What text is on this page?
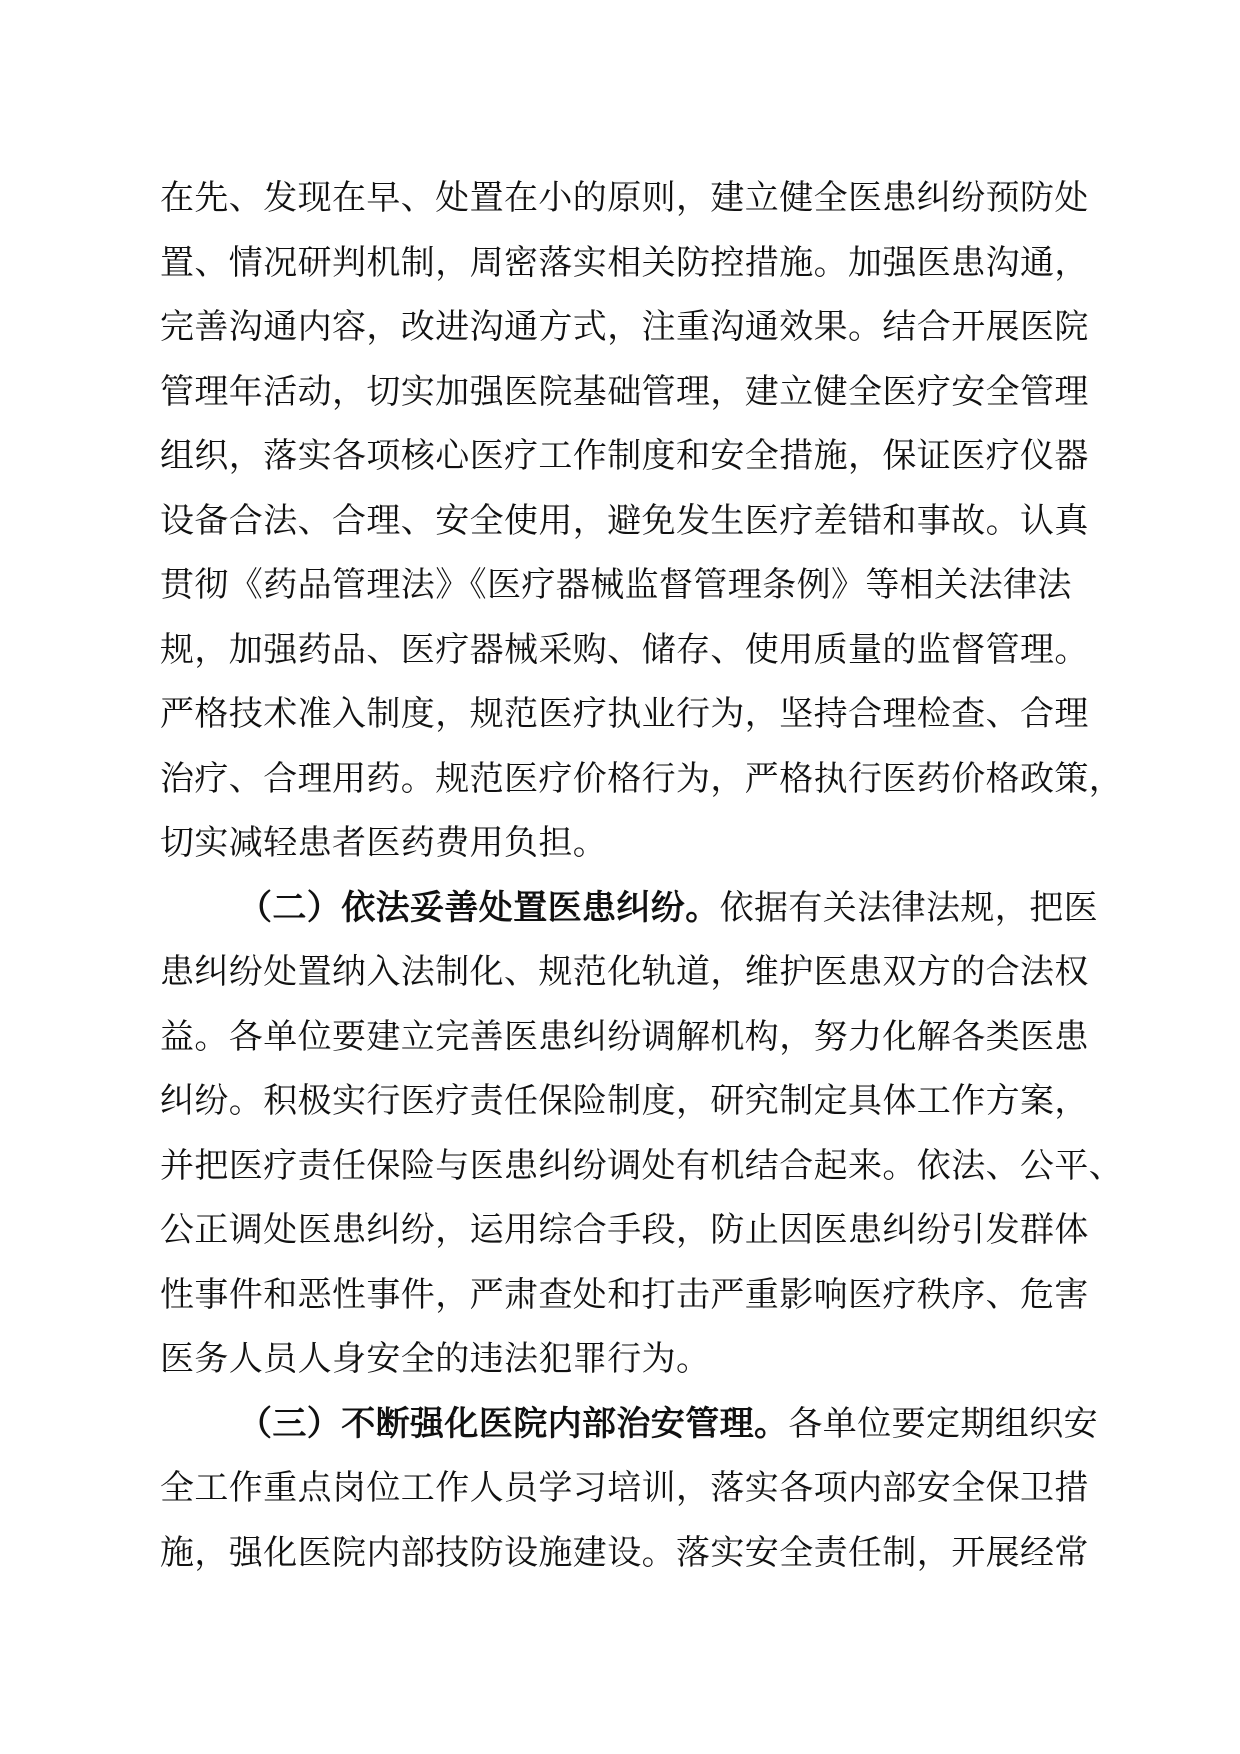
在先、发现在早、处置在小的原则，建立健全医患纠纷预防处
置、情况研判机制，周密落实相关防控措施。加强医患沟通，
完善沟通内容，改进沟通方式，注重沟通效果。结合开展医院
管理年活动，切实加强医院基础管理，建立健全医疗安全管理
组织，落实各项核心医疗工作制度和安全措施，保证医疗仪器
设备合法、合理、安全使用，避免发生医疗差错和事故。认真
贯彻《药品管理法》《医疗器械监督管理条例》等相关法律法
规，加强药品、医疗器械采购、储存、使用质量的监督管理。
严格技术准入制度，规范医疗执业行为，坚持合理检查、合理
治疗、合理用药。规范医疗价格行为，严格执行医药价格政策，
切实减轻患者医药费用负担。
（二）依法妥善处置医患纠纷。依据有关法律法规，把医
患纠纷处置纳入法制化、规范化轨道，维护医患双方的合法权
益。各单位要建立完善医患纠纷调解机构，努力化解各类医患
纠纷。积极实行医疗责任保险制度，研究制定具体工作方案，
并把医疗责任保险与医患纠纷调处有机结合起来。依法、公平、
公正调处医患纠纷，运用综合手段，防止因医患纠纷引发群体
性事件和恶性事件，严肃查处和打击严重影响医疗秩序、危害
医务人员人身安全的违法犯罪行为。
（三）不断强化医院内部治安管理。各单位要定期组织安
全工作重点岗位工作人员学习培训，落实各项内部安全保卫措
施，强化医院内部技防设施建设。落实安全责任制，开展经常
